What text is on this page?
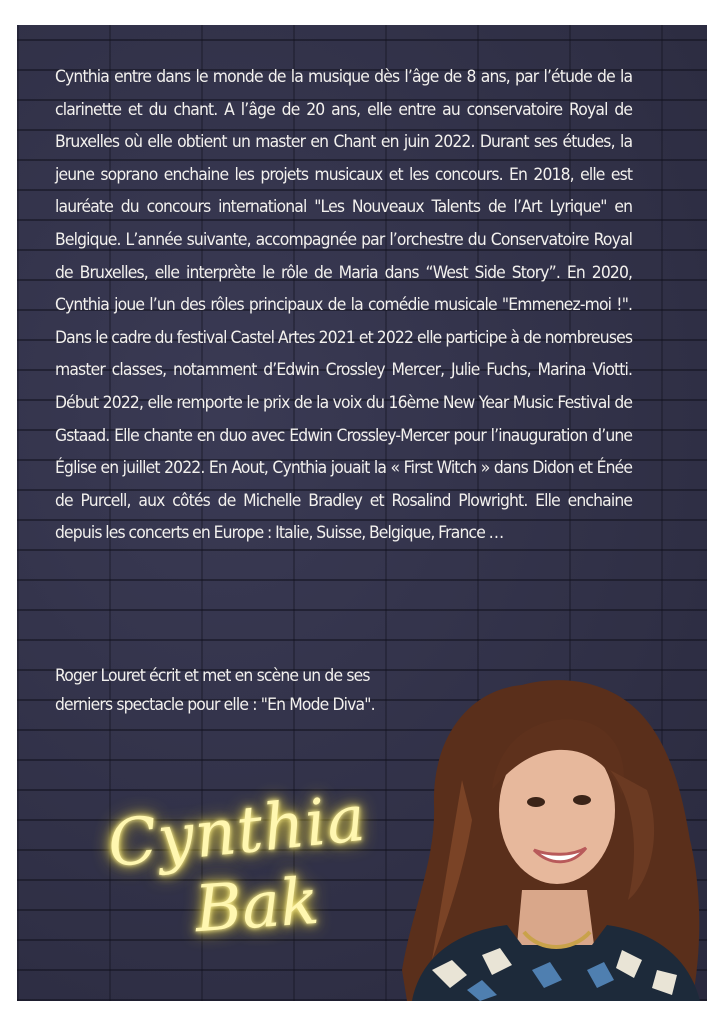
Cynthia entre dans le monde de la musique dès l’âge de 8 ans, par l’étude de la clarinette et du chant. A l’âge de 20 ans, elle entre au conservatoire Royal de Bruxelles où elle obtient un master en Chant en juin 2022. Durant ses études, la jeune soprano enchaine les projets musicaux et les concours. En 2018, elle est lauréate du concours international "Les Nouveaux Talents de l’Art Lyrique" en Belgique. L’année suivante, accompagnée par l’orchestre du Conservatoire Royal de Bruxelles, elle interprète le rôle de Maria dans “West Side Story”. En 2020, Cynthia joue l’un des rôles principaux de la comédie musicale "Emmenez-moi !". Dans le cadre du festival Castel Artes 2021 et 2022 elle participe à de nombreuses master classes, notamment d’Edwin Crossley Mercer, Julie Fuchs, Marina Viotti. Début 2022, elle remporte le prix de la voix du 16ème New Year Music Festival de Gstaad. Elle chante en duo avec Edwin Crossley-Mercer pour l’inauguration d’une Église en juillet 2022. En Aout, Cynthia jouait la « First Witch » dans Didon et Énée de Purcell, aux côtés de Michelle Bradley et Rosalind Plowright. Elle enchaine depuis les concerts en Europe : Italie, Suisse, Belgique, France …

Roger Louret écrit et met en scène un de ses derniers spectacle pour elle : "En Mode Diva".

Cynthia
Bak
